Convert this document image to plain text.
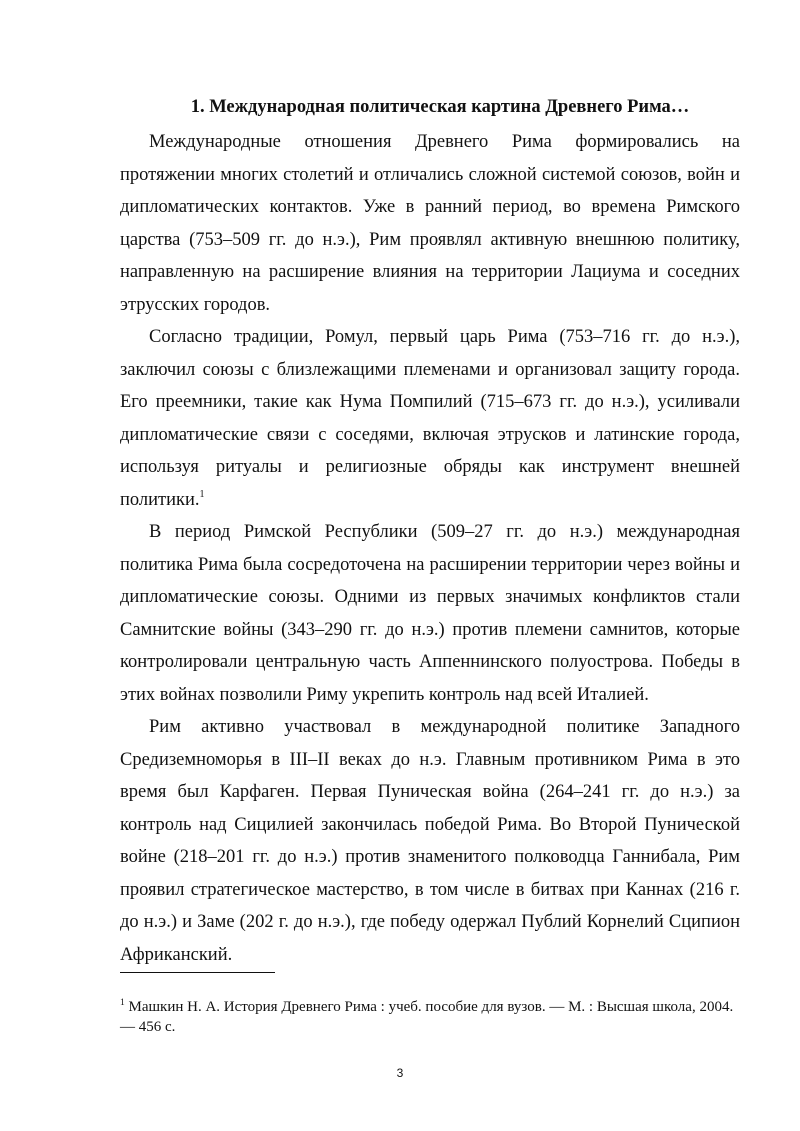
1. Международная политическая картина Древнего Рима…

Международные отношения Древнего Рима формировались на протяжении многих столетий и отличались сложной системой союзов, войн и дипломатических контактов. Уже в ранний период, во времена Римского царства (753–509 гг. до н.э.), Рим проявлял активную внешнюю политику, направленную на расширение влияния на территории Лациума и соседних этрусских городов.

Согласно традиции, Ромул, первый царь Рима (753–716 гг. до н.э.), заключил союзы с близлежащими племенами и организовал защиту города. Его преемники, такие как Нума Помпилий (715–673 гг. до н.э.), усиливали дипломатические связи с соседями, включая этрусков и латинские города, используя ритуалы и религиозные обряды как инструмент внешней политики.$^1$

В период Римской Республики (509–27 гг. до н.э.) международная политика Рима была сосредоточена на расширении территории через войны и дипломатические союзы. Одними из первых значимых конфликтов стали Самнитские войны (343–290 гг. до н.э.) против племени самнитов, которые контролировали центральную часть Аппеннинского полуострова. Победы в этих войнах позволили Риму укрепить контроль над всей Италией.

Рим активно участвовал в международной политике Западного Средиземноморья в III–II веках до н.э. Главным противником Рима в это время был Карфаген. Первая Пуническая война (264–241 гг. до н.э.) за контроль над Сицилией закончилась победой Рима. Во Второй Пунической войне (218–201 гг. до н.э.) против знаменитого полководца Ганнибала, Рим проявил стратегическое мастерство, в том числе в битвах при Каннах (216 г. до н.э.) и Заме (202 г. до н.э.), где победу одержал Публий Корнелий Сципион Африканский.

$^1$ Машкин Н. А. История Древнего Рима : учеб. пособие для вузов. — М. : Высшая школа, 2004. — 456 с.
3
